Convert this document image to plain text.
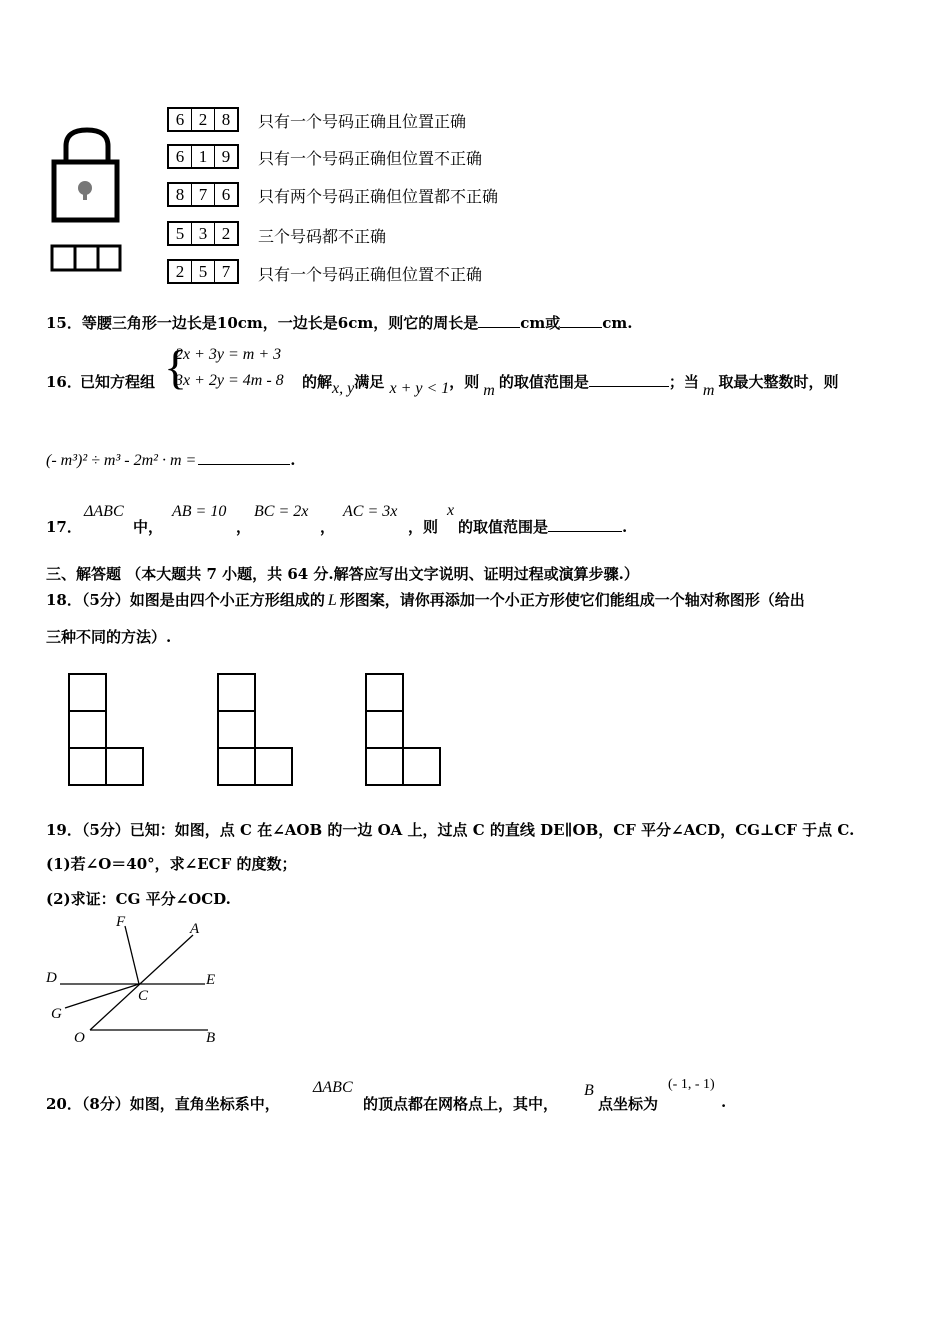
6 2 8	只有一个号码正确且位置正确
6 1 9	只有一个号码正确但位置不正确
8 7 6	只有两个号码正确但位置都不正确
5 3 2	三个号码都不正确
2 5 7	只有一个号码正确但位置不正确
15．等腰三角形一边长是10cm，一边长是6cm，则它的周长是	cm或	cm.
16．
已知方程组 {
2x + 3y = m + 3
3x + 2y = 4m - 8 的解x, y满足 x + y < 1，则 m 的取值范围是	；当 m 取最大整数时，则
(- m³)² ÷ m³ - 2m² · m =	.
17．
ΔABC
中，
AB = 10
，
BC = 2x
，
AC = 3x
，则
x
的取值范围是	.
三、解答题 （本大题共 7 小题，共 64 分.解答应写出文字说明、证明过程或演算步骤.）
18．（5分）如图是由四个小正方形组成的 L 形图案，请你再添加一个小正方形使它们能组成一个轴对称图形（给出
三种不同的方法）.
19．（5分）已知：如图，点 C 在∠AOB 的一边 OA 上，过点 C 的直线 DE∥OB，CF 平分∠ACD，CG⊥CF 于点 C.
(1)若∠O＝40°，求∠ECF 的度数；
(2)求证：CG 平分∠OCD.
F	A
D	E
C
G
O	B
20．（8分）如图，直角坐标系中，
ΔABC
的顶点都在网格点上，其中，
B
点坐标为
(- 1, - 1)
.
